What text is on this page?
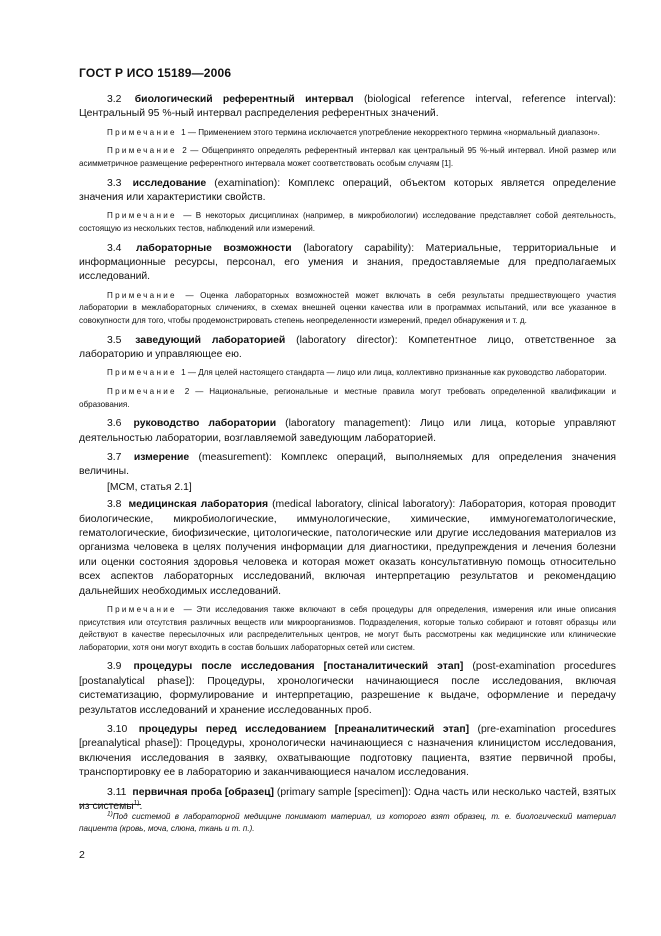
ГОСТ Р ИСО 15189—2006

3.2 биологический референтный интервал (biological reference interval, reference interval): Центральный 95 %-ный интервал распределения референтных значений.

Примечание 1 — Применением этого термина исключается употребление некорректного термина «нормальный диапазон».

Примечание 2 — Общепринято определять референтный интервал как центральный 95 %-ный интервал. Иной размер или асимметричное размещение референтного интервала может соответствовать особым случаям [1].

3.3 исследование (examination): Комплекс операций, объектом которых является определение значения или характеристики свойств.

Примечание — В некоторых дисциплинах (например, в микробиологии) исследование представляет собой деятельность, состоящую из нескольких тестов, наблюдений или измерений.

3.4 лабораторные возможности (laboratory capability): Материальные, территориальные и информационные ресурсы, персонал, его умения и знания, предоставляемые для предполагаемых исследований.

Примечание — Оценка лабораторных возможностей может включать в себя результаты предшествующего участия лаборатории в межлабораторных сличениях, в схемах внешней оценки качества или в программах испытаний, или все указанное в совокупности для того, чтобы продемонстрировать степень неопределенности измерений, предел обнаружения и т. д.

3.5 заведующий лабораторией (laboratory director): Компетентное лицо, ответственное за лабораторию и управляющее ею.

Примечание 1 — Для целей настоящего стандарта — лицо или лица, коллективно признанные как руководство лаборатории.

Примечание 2 — Национальные, региональные и местные правила могут требовать определенной квалификации и образования.

3.6 руководство лаборатории (laboratory management): Лицо или лица, которые управляют деятельностью лаборатории, возглавляемой заведующим лабораторией.

3.7 измерение (measurement): Комплекс операций, выполняемых для определения значения величины.

[МСМ, статья 2.1]

3.8 медицинская лаборатория (medical laboratory, clinical laboratory): Лаборатория, которая проводит биологические, микробиологические, иммунологические, химические, иммуногематологические, гематологические, биофизические, цитологические, патологические или другие исследования материалов из организма человека в целях получения информации для диагностики, предупреждения и лечения болезни или оценки состояния здоровья человека и которая может оказать консультативную помощь относительно всех аспектов лабораторных исследований, включая интерпретацию результатов и рекомендацию дальнейших необходимых исследований.

Примечание — Эти исследования также включают в себя процедуры для определения, измерения или иные описания присутствия или отсутствия различных веществ или микроорганизмов. Подразделения, которые только собирают и готовят образцы или действуют в качестве пересылочных или распределительных центров, не могут быть рассмотрены как медицинские или клинические лаборатории, хотя они могут входить в состав больших лабораторных сетей или систем.

3.9 процедуры после исследования [постаналитический этап] (post-examination procedures [postanalytical phase]): Процедуры, хронологически начинающиеся после исследования, включая систематизацию, формулирование и интерпретацию, разрешение к выдаче, оформление и передачу результатов исследований и хранение исследованных проб.

3.10 процедуры перед исследованием [преаналитический этап] (pre-examination procedures [preanalytical phase]): Процедуры, хронологически начинающиеся с назначения клиницистом исследования, включения исследования в заявку, охватывающие подготовку пациента, взятие первичной пробы, транспортировку ее в лабораторию и заканчивающиеся началом исследования.

3.11 первичная проба [образец] (primary sample [specimen]): Одна часть или несколько частей, взятых из системы$^{1)}$.

$^{1)}$Под системой в лабораторной медицине понимают материал, из которого взят образец, т. е. биологический материал пациента (кровь, моча, слюна, ткань и т. п.).
2
